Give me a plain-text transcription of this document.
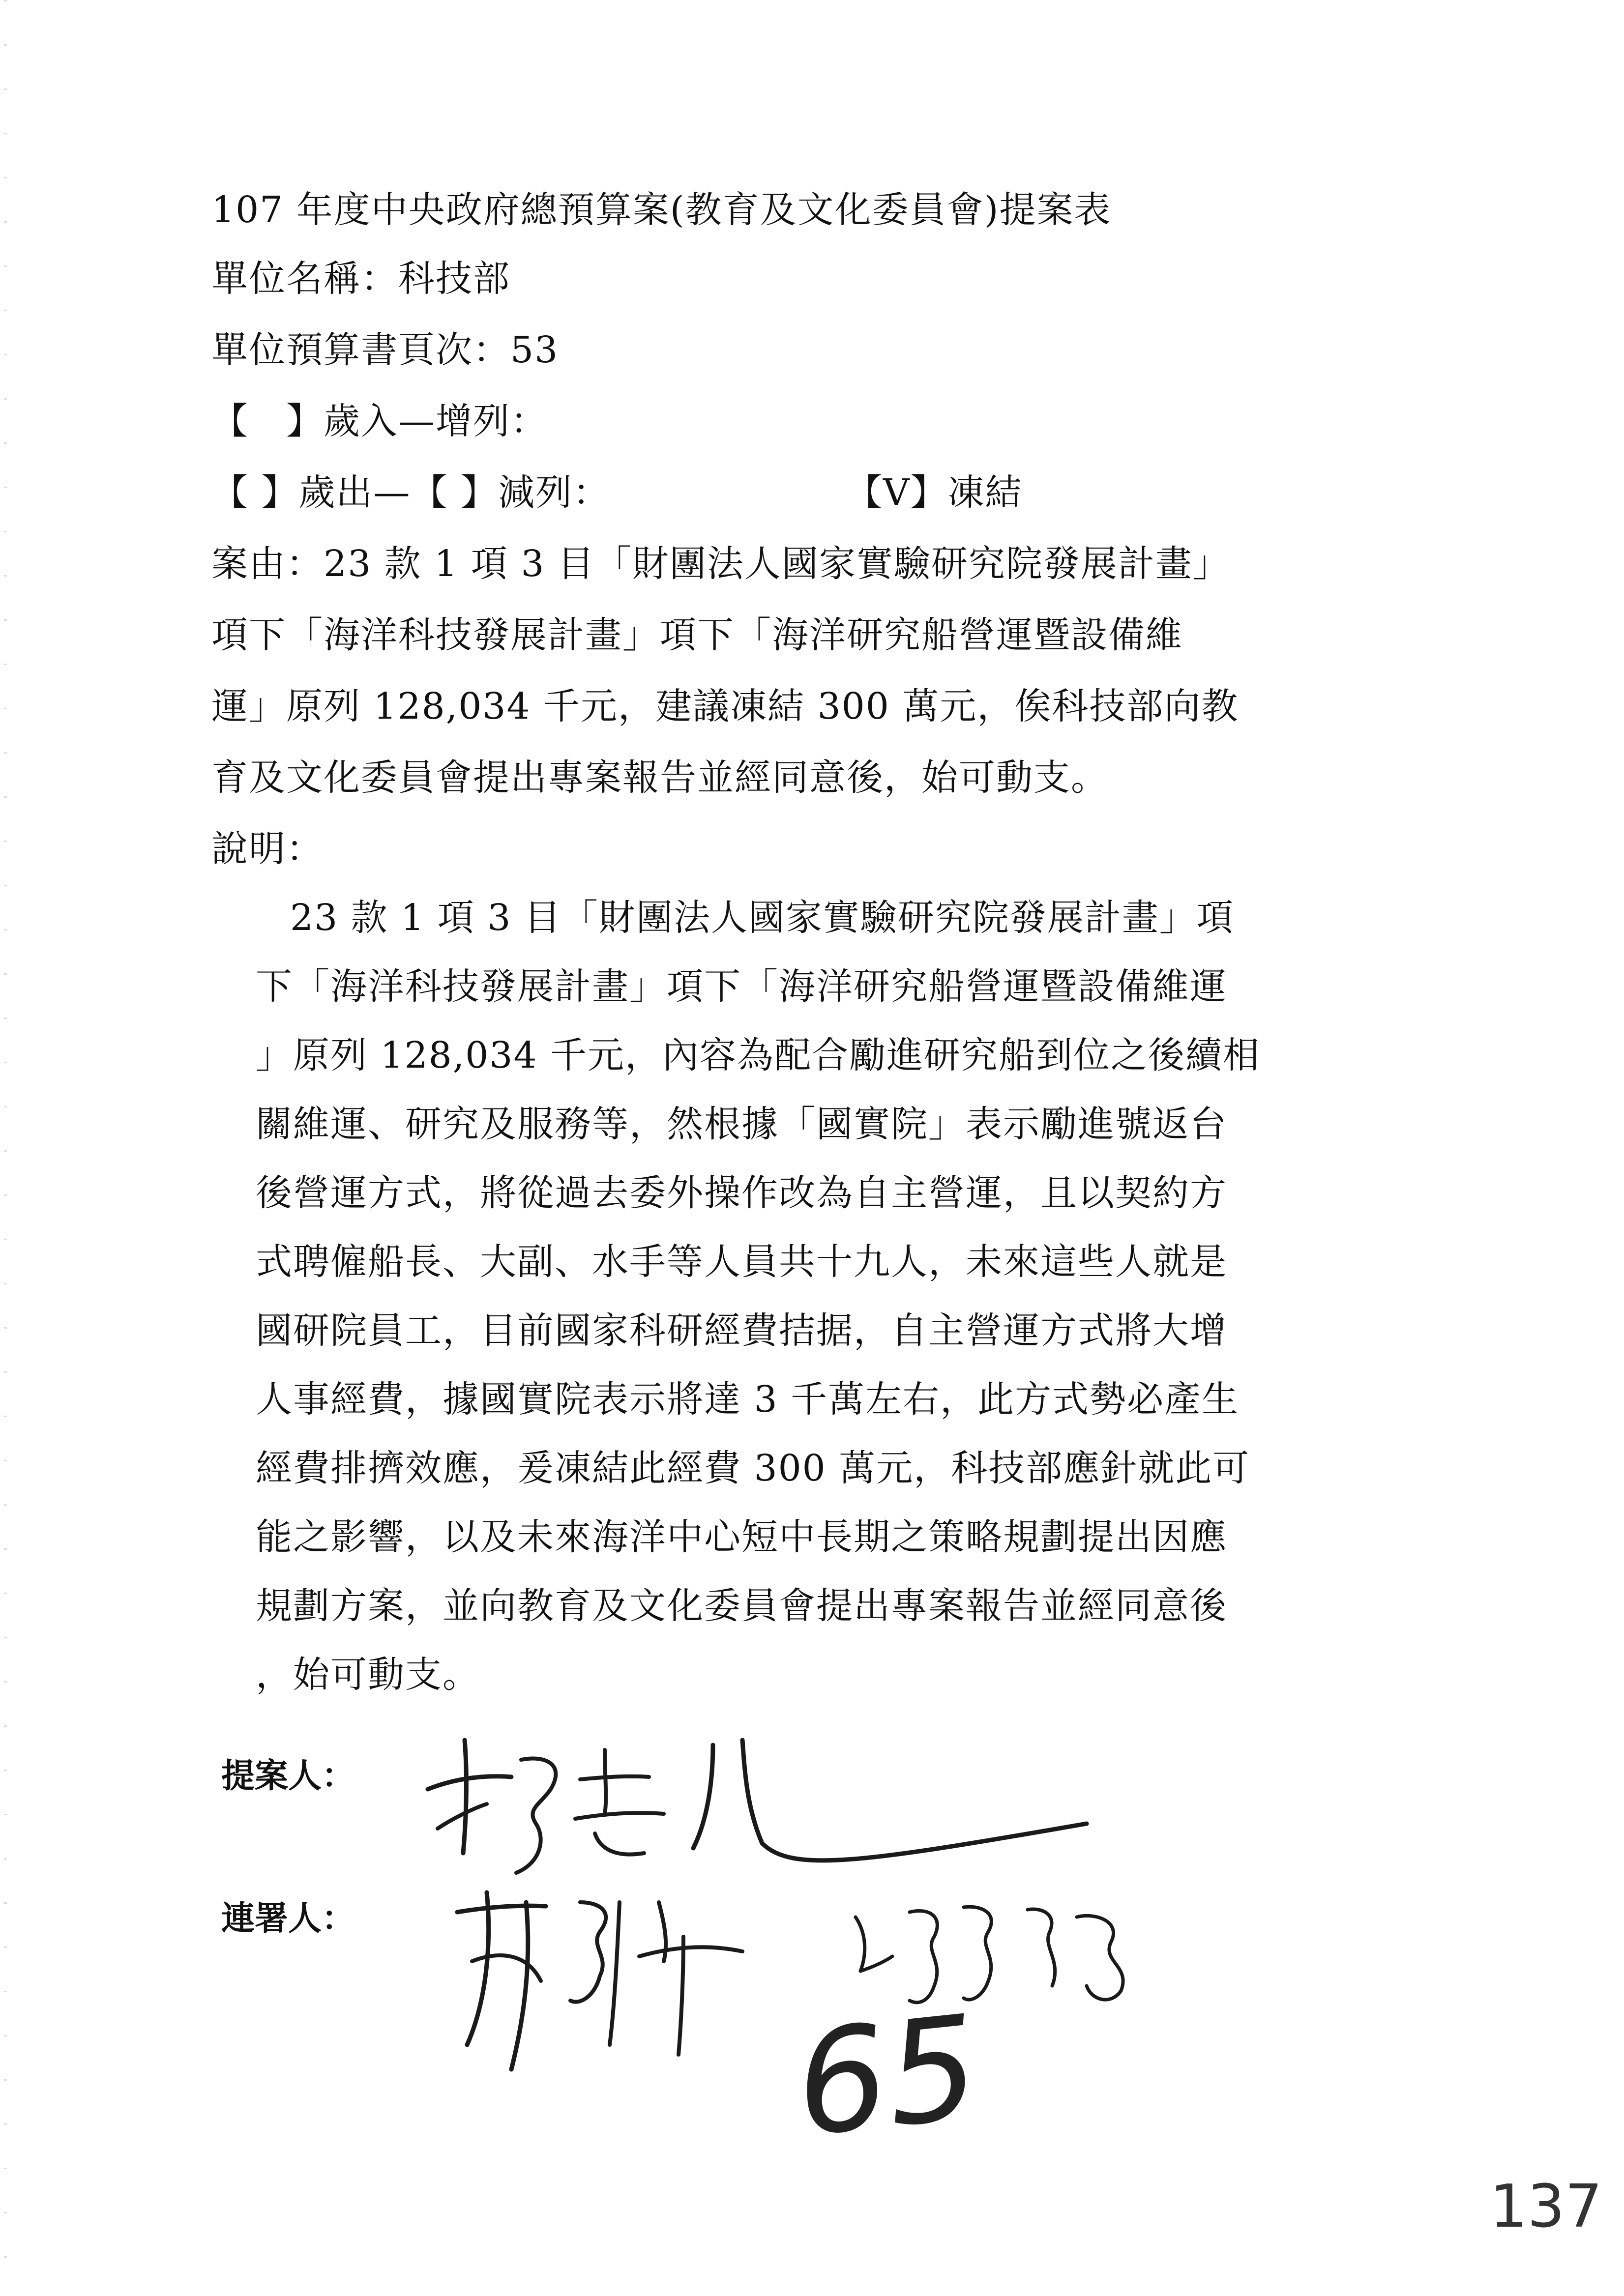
107 年度中央政府總預算案(教育及文化委員會)提案表
單位名稱：科技部
單位預算書頁次：53
【　】歲入—增列：
【 】歲出—【 】減列：	【V】凍結
案由：23 款 1 項 3 目「財團法人國家實驗研究院發展計畫」
項下「海洋科技發展計畫」項下「海洋研究船營運暨設備維
運」原列 128,034 千元，建議凍結 300 萬元，俟科技部向教
育及文化委員會提出專案報告並經同意後，始可動支。
說明：
23 款 1 項 3 目「財團法人國家實驗研究院發展計畫」項
下「海洋科技發展計畫」項下「海洋研究船營運暨設備維運
」原列 128,034 千元，內容為配合勵進研究船到位之後續相
關維運、研究及服務等，然根據「國實院」表示勵進號返台
後營運方式，將從過去委外操作改為自主營運，且以契約方
式聘僱船長、大副、水手等人員共十九人，未來這些人就是
國研院員工，目前國家科研經費拮据，自主營運方式將大增
人事經費，據國實院表示將達 3 千萬左右，此方式勢必產生
經費排擠效應，爰凍結此經費 300 萬元，科技部應針就此可
能之影響，以及未來海洋中心短中長期之策略規劃提出因應
規劃方案，並向教育及文化委員會提出專案報告並經同意後
，始可動支。
提案人：
連署人：
65
137
